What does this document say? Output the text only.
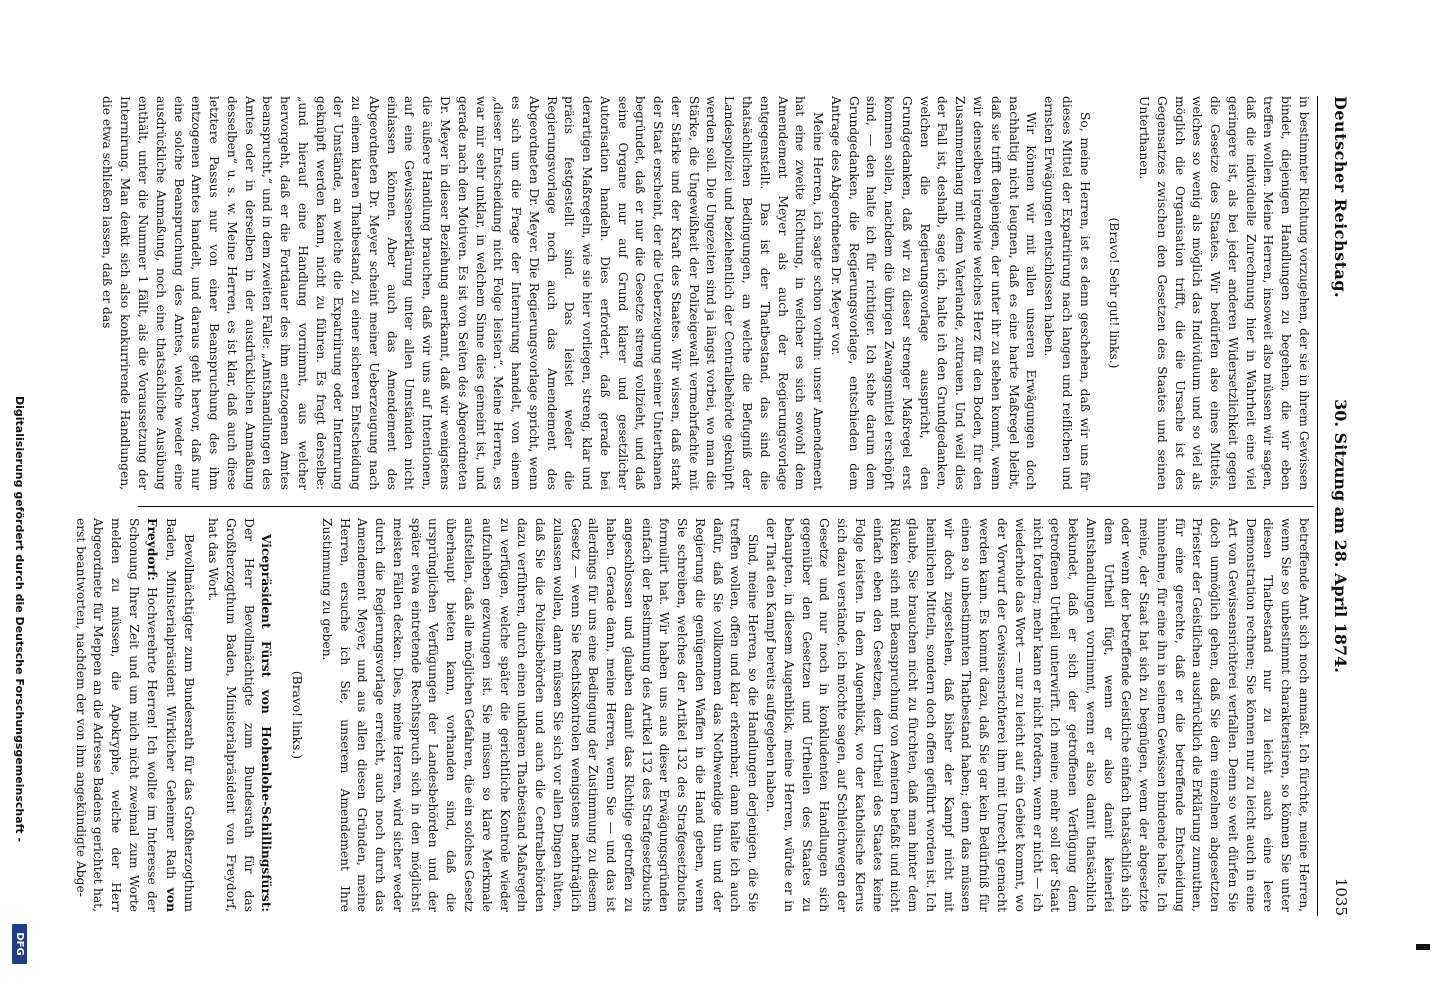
Deutscher Reichstag.
30. Sitzung am 28. April 1874.
1035

in bestimmter Richtung vorzugehen, der sie in ihrem Gewissen bindet, diejenigen Handlungen zu begehen, die wir eben treffen wollen. Meine Herren, insoweit also müssen wir sagen, daß die individuelle Zurechnung hier in Wahrheit eine viel geringere ist, als bei jeder anderen Widersetzlichkeit gegen die Gesetze des Staates. Wir bedürfen also eines Mittels, welches so wenig als möglich das Individuum und so viel als möglich die Organisation trifft, die die Ursache ist des Gegensatzes zwischen den Gesetzen des Staates und seinen Unterthanen.

(Bravo! Sehr gut! links.)

So, meine Herren, ist es denn geschehen, daß wir uns für dieses Mittel der Expatriirung nach langen und reiflichen und ernsten Erwägungen entschlossen haben.

Wir können wir mit allen unseren Erwägungen doch nachhaltig nicht leugnen, daß es eine harte Maßregel bleibt, daß sie trifft denjenigen, der unter ihr zu stehen kommt, wenn wir denselben irgendwie welches Herz für den Boden, für den Zusammenhang mit dem Vaterlande, zutrauen. Und weil dies der Fall ist, deshalb, sage ich, halte ich den Grundgedanken, welchen die Regierungsvorlage ausspricht, den Grundgedanken, daß wir zu dieser strenger Maßregel erst kommen sollen, nachdem die übrigen Zwangsmittel erschöpft sind, — den halte ich für richtiger. Ich stehe darum dem Grundgedanken, die Regierungsvorlage, entschieden dem Antrage des Abgeordneten Dr. Meyer vor.

Meine Herren, ich sagte schon vorhin: unser Amendement hat eine zweite Richtung, in welcher es sich sowohl dem Amendement Meyer als auch der Regierungsvorlage entgegenstellt. Das ist der Thatbestand, das sind die thatsächlichen Bedingungen, an welche die Befugniß der Landespolizei und beziehentlich der Centralbehörde geknüpft werden soll. Die Ungezeiten sind ja längst vorbei, wo man die Stärke, die Ungewißheit der Polizeigewalt vermehrfachte mit der Stärke und der Kraft des Staates. Wir wissen, daß stark der Staat erscheint, der die Ueberzeugung seiner Unterthanen begründet, daß er nur die Gesetze streng vollzieht, und daß seine Organe nur auf Grund klarer und gesetzlicher Autorisation handeln. Dies erfordert, daß gerade bei derartigen Maßregeln, wie sie hier vorliegen, streng, klar und präcis festgestellt sind. Das leistet weder die Regierungsvorlage noch auch das Amendement des Abgeordneten Dr. Meyer. Die Regierungsvorlage spricht, wenn es sich um die Frage der Internirung handelt, von einem „dieser Entscheidung nicht Folge leisten“. Meine Herren, es war mir sehr unklar, in welchem Sinne dies gemeint ist, und gerade nach den Motiven. Es ist von Seiten des Abgeordneten Dr. Meyer in dieser Beziehung anerkannt, daß wir wenigstens die äußere Handlung brauchen, daß wir uns auf Intentionen, auf eine Gewissenserklärung unter allen Umständen nicht einlassen können. Aber auch das Amendement des Abgeordneten Dr. Meyer scheint meiner Ueberzeugung nach zu einem klaren Thatbestand, zu einer sicheren Entscheidung der Umstände, an welche die Expatriirung oder Internirung geknüpft werden kann, nicht zu führen. Es fragt derselbe: „und hierauf eine Handlung vornimmt, aus welcher hervorgeht, daß er die Fortdauer des ihm entzogenen Amtes beansprucht,“ und in dem zweiten Falle: „Amtshandlungen des Amtes oder in derselben in der ausdrücklichen Anmaßung desselben“ u. s. w. Meine Herren, es ist klar, daß auch diese letztere Passus nur von einer Beanspruchung des ihm entzogenen Amtes handelt, und daraus geht hervor, daß nur eine solche Beanspruchung des Amtes, welche weder eine ausdrückliche Anmaßung, noch eine thatsächliche Ausübung enthält, unter die Nummer 1 fällt, als die Voraussetzung der Internirung. Man denkt sich also konkurrirende Handlungen, die etwa schließen lassen, daß er das

betreffende Amt sich noch anmaßt. Ich fürchte, meine Herren, wenn Sie so unbestimmt charakterisiren, so können Sie unter diesen Thatbestand nur zu leicht auch eine leere Demonstration rechnen; Sie können nur zu leicht auch in eine Art von Gewissensrichterei verfallen. Denn so weit dürfen Sie doch unmöglich gehen, daß Sie dem einzelnen abgesetzten Priester der Geistlichen ausdrücklich die Erklärung zumuthen, für eine gerechte, daß er die betreffende Entscheidung hinnehme, für eine ihn in seinem Gewissen bindende halte. Ich meine, der Staat hat sich zu begnügen, wenn der abgesetzte oder wenn der betreffende Geistliche einfach thatsächlich sich dem Urtheil fügt, wenn er also damit keinerlei Amtshandlungen vornimmt, wenn er also damit thatsächlich bekundet, daß er sich der getroffenen Verfügung dem getroffenen Urtheil unterwirft. Ich meine, mehr soll der Staat nicht fordern; mehr kann er nicht fordern, wenn er nicht — ich wiederhole das Wort — nur zu leicht auf ein Gebiet kommt, wo der Vorwurf der Gewissensrichterei ihm mit Unrecht gemacht werden kann. Es kommt dazu, daß Sie gar kein Bedürfniß für einen so unbestimmten Thatbestand haben; denn das müssen wir doch zugestehen, daß bisher der Kampf nicht mit heimlichen Mitteln, sondern doch offen geführt worden ist. Ich glaube, Sie brauchen nicht zu fürchten, daß man hinter dem Rücken sich mit Beanspruchung von Aemtern befaßt und nicht einfach eben den Gesetzen, dem Urtheil des Staates keine Folge leisten. In dem Augenblick, wo der katholische Klerus sich dazu verstände, ich möchte sagen, auf Schleichwegen der Gesetze und nur noch in konkludenten Handlungen sich gegenüber den Gesetzen und Urtheilen des Staates zu behaupten, in diesem Augenblick, meine Herren, würde er in der That den Kampf bereits aufgegeben haben.

Sind, meine Herren, so die Handlungen derjenigen, die Sie treffen wollen, offen und klar erkennbar, dann halte ich auch dafür, daß Sie vollkommen das Nothwendige thun und der Regierung die genügenden Waffen in die Hand geben, wenn Sie schreiben, welches der Artikel 132 des Strafgesetzbuchs formulirt hat. Wir haben uns aus dieser Erwägungsgründen einfach der Bestimmung des Artikel 132 des Strafgesetzbuchs angeschlossen und glauben damit das Richtige getroffen zu haben. Gerade dann, meine Herren, wenn Sie — und das ist allerdings für uns eine Bedingung der Zustimmung zu diesem Gesetz — wenn Sie Rechtskontrolen wenigstens nachträglich zulassen wollen, dann müssen Sie sich vor allen Dingen hüten, daß Sie die Polizeibehörden und auch die Centralbehörden dazu verführen, durch einen unklaren Thatbestand Maßregeln zu verfügen, welche später die gerichtliche Kontrole wieder aufzuheben gezwungen ist. Sie müssen so klare Merkmale aufstellen, daß alle möglichen Gefahren, die ein solches Gesetz überhaupt bieten kann, vorhanden sind, daß die ursprünglichen Verfügungen der Landesbehörden und der später etwa eintretende Rechtsspruch sich in den möglichst meisten Fällen decken. Dies, meine Herren, wird sicher weder durch die Regierungsvorlage erreicht, auch noch durch das Amendement Meyer, und aus allen diesen Gründen, meine Herren, ersuche ich Sie, unserem Amendement Ihre Zustimmung zu geben.

(Bravo! links.)

Vicepräsident Fürst von Hohenlohe-Schillingsfürst: Der Herr Bevollmächtigte zum Bundesrath für das Großherzogthum Baden, Ministerialpräsident von Freydorf, hat das Wort.

Bevollmächtigter zum Bundesrath für das Großherzogthum Baden, Ministerialpräsident Wirklicher Geheimer Rath von Freydorf: Hochverehrte Herren! Ich wollte im Interesse der Schonung Ihrer Zeit und um mich nicht zweimal zum Worte melden zu müssen, die Apokryphe, welche der Herr Abgeordnete für Meppen an die Adresse Badens gerichtet hat, erst beantworten, nachdem der von ihm angekündigte Abge-

Digitalisierung gefördert durch die Deutsche Forschungsgemeinschaft -
DFG
